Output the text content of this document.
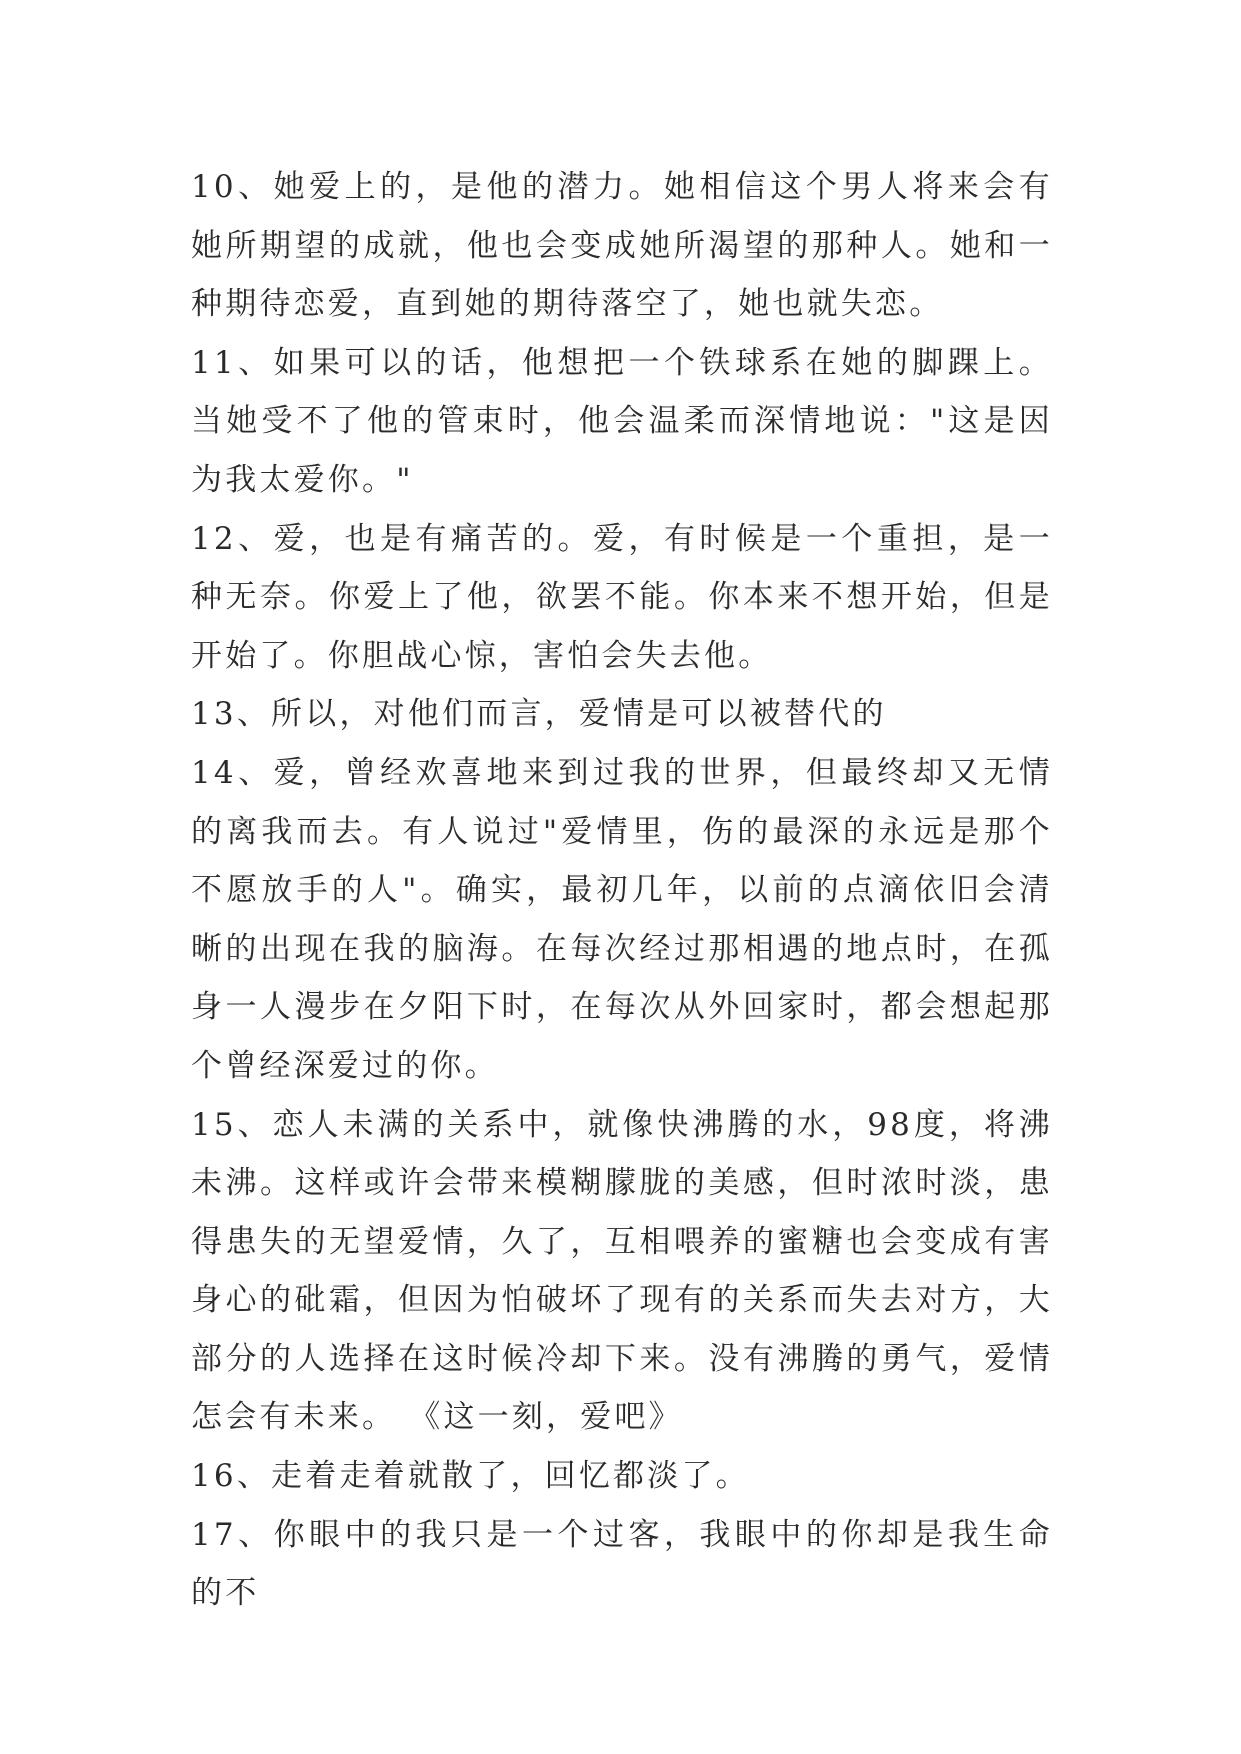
10、她爱上的，是他的潜力。她相信这个男人将来会有她所期望的成就，他也会变成她所渴望的那种人。她和一种期待恋爱，直到她的期待落空了，她也就失恋。

11、如果可以的话，他想把一个铁球系在她的脚踝上。当她受不了他的管束时，他会温柔而深情地说："这是因为我太爱你。"

12、爱，也是有痛苦的。爱，有时候是一个重担，是一种无奈。你爱上了他，欲罢不能。你本来不想开始，但是开始了。你胆战心惊，害怕会失去他。

13、所以，对他们而言，爱情是可以被替代的

14、爱，曾经欢喜地来到过我的世界，但最终却又无情的离我而去。有人说过"爱情里，伤的最深的永远是那个不愿放手的人"。确实，最初几年，以前的点滴依旧会清晰的出现在我的脑海。在每次经过那相遇的地点时，在孤身一人漫步在夕阳下时，在每次从外回家时，都会想起那个曾经深爱过的你。

15、恋人未满的关系中，就像快沸腾的水，98度，将沸未沸。这样或许会带来模糊朦胧的美感，但时浓时淡，患得患失的无望爱情，久了，互相喂养的蜜糖也会变成有害身心的砒霜，但因为怕破坏了现有的关系而失去对方，大部分的人选择在这时候冷却下来。没有沸腾的勇气，爱情怎会有未来。 《这一刻，爱吧》

16、走着走着就散了，回忆都淡了。

17、你眼中的我只是一个过客，我眼中的你却是我生命的不
